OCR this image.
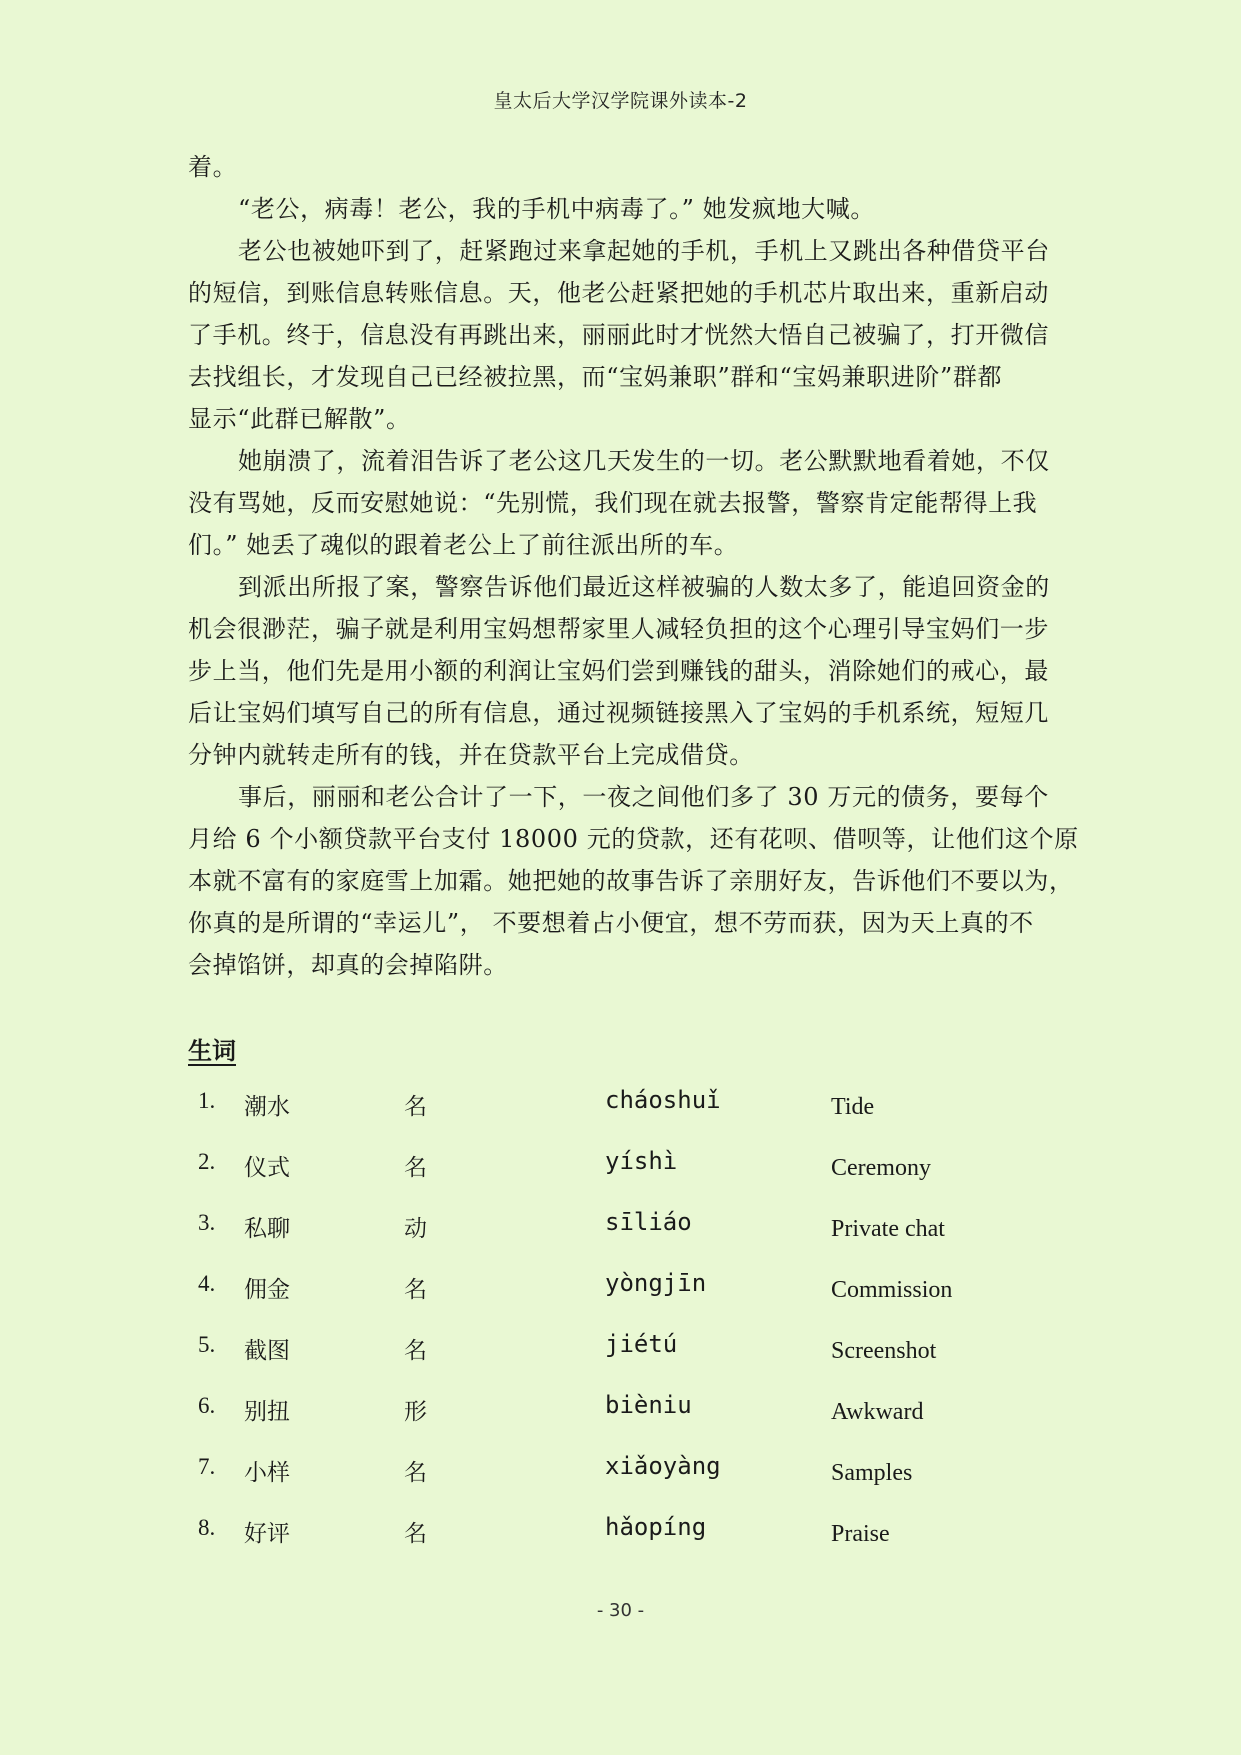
皇太后大学汉学院课外读本-2
着。
“老公，病毒！老公，我的手机中病毒了。” 她发疯地大喊。
老公也被她吓到了，赶紧跑过来拿起她的手机，手机上又跳出各种借贷平台
的短信，到账信息转账信息。天，他老公赶紧把她的手机芯片取出来，重新启动
了手机。终于，信息没有再跳出来，丽丽此时才恍然大悟自己被骗了，打开微信
去找组长，才发现自己已经被拉黑，而“宝妈兼职”群和“宝妈兼职进阶”群都
显示“此群已解散”。
她崩溃了，流着泪告诉了老公这几天发生的一切。老公默默地看着她，不仅
没有骂她，反而安慰她说：“先别慌，我们现在就去报警，警察肯定能帮得上我
们。” 她丢了魂似的跟着老公上了前往派出所的车。
到派出所报了案，警察告诉他们最近这样被骗的人数太多了，能追回资金的
机会很渺茫，骗子就是利用宝妈想帮家里人减轻负担的这个心理引导宝妈们一步
步上当，他们先是用小额的利润让宝妈们尝到赚钱的甜头，消除她们的戒心，最
后让宝妈们填写自己的所有信息，通过视频链接黑入了宝妈的手机系统，短短几
分钟内就转走所有的钱，并在贷款平台上完成借贷。
事后，丽丽和老公合计了一下，一夜之间他们多了 30 万元的债务，要每个
月给 6 个小额贷款平台支付 18000 元的贷款，还有花呗、借呗等，让他们这个原
本就不富有的家庭雪上加霜。她把她的故事告诉了亲朋好友，告诉他们不要以为，
你真的是所谓的“幸运儿”， 不要想着占小便宜，想不劳而获，因为天上真的不
会掉馅饼，却真的会掉陷阱。
生词
1. 潮水	名	cháoshuǐ	Tide
2. 仪式	名	yíshì	Ceremony
3. 私聊	动	sīliáo	Private chat
4. 佣金	名	yòngjīn	Commission
5. 截图	名	jiétú	Screenshot
6. 别扭	形	bièniu	Awkward
7. 小样	名	xiǎoyàng	Samples
8. 好评	名	hǎopíng	Praise
- 30 -
